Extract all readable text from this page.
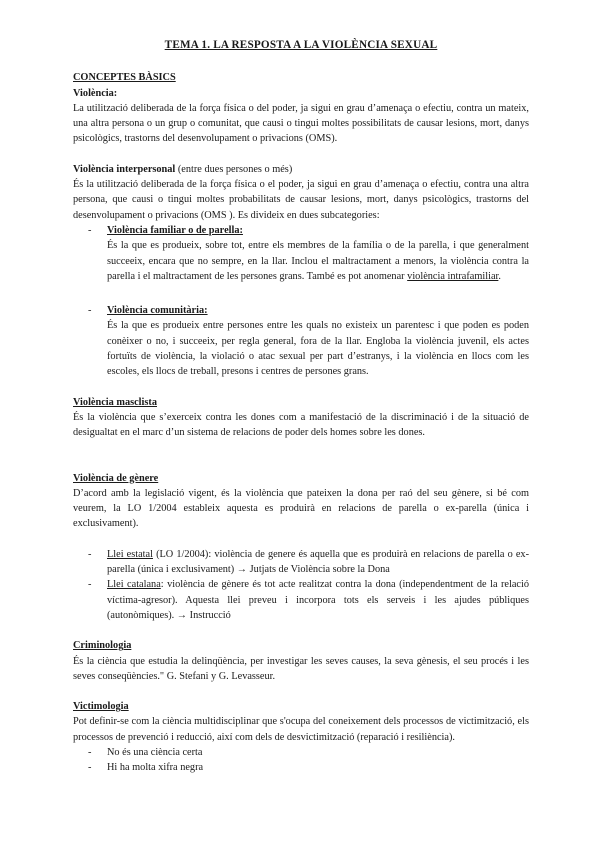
TEMA 1. LA RESPOSTA A LA VIOLÈNCIA SEXUAL
CONCEPTES BÀSICS
Violència:

La utilització deliberada de la força física o del poder, ja sigui en grau d’amenaça o efectiu, contra un mateix, una altra persona o un grup o comunitat, que causi o tingui moltes possibilitats de causar lesions, mort, danys psicològics, trastorns del desenvolupament o privacions (OMS).

Violència interpersonal (entre dues persones o més)

És la utilització deliberada de la força física o el poder, ja sigui en grau d’amenaça o efectiu, contra una altra persona, que causi o tingui moltes probabilitats de causar lesions, mort, danys psicològics, trastorns del desenvolupament o privacions (OMS ). Es divideix en dues subcategories:

- Violència familiar o de parella:

És la que es produeix, sobre tot, entre els membres de la família o de la parella, i que generalment succeeix, encara que no sempre, en la llar. Inclou el maltractament a menors, la violència contra la parella i el maltractament de les persones grans. També es pot anomenar violència intrafamiliar.

- Violència comunitària:

És la que es produeix entre persones entre les quals no existeix un parentesc i que poden es poden conèixer o no, i succeeix, per regla general, fora de la llar. Engloba la violència juvenil, els actes fortuïts de violència, la violació o atac sexual per part d’estranys, i la violència en llocs com les escoles, els llocs de treball, presons i centres de persones grans.

Violència masclista

És la violència que s’exerceix contra les dones com a manifestació de la discriminació i de la situació de desigualtat en el marc d’un sistema de relacions de poder dels homes sobre les dones.

Violència de gènere

D’acord amb la legislació vigent, és la violència que pateixen la dona per raó del seu gènere, si bé com veurem, la LO 1/2004 estableix aquesta es produirà en relacions de parella o ex-parella (única i exclusivament).

- Llei estatal (LO 1/2004): violència de genere és aquella que es produirà en relacions de parella o ex-parella (única i exclusivament) → Jutjats de Violència sobre la Dona

- Llei catalana: violència de gènere és tot acte realitzat contra la dona (independentment de la relació víctima-agresor). Aquesta llei preveu i incorpora tots els serveis i les ajudes públiques (autonòmiques). → Instrucció

Criminologia

És la ciència que estudia la delinqüència, per investigar les seves causes, la seva gènesis, el seu procés i les seves conseqüències." G. Stefani y G. Levasseur.

Victimologia

Pot definir-se com la ciència multidisciplinar que s'ocupa del coneixement dels processos de victimització, els processos de prevenció i reducció, així com dels de desvictimització (reparació i resiliència).

- No és una ciència certa
- Hi ha molta xifra negra
